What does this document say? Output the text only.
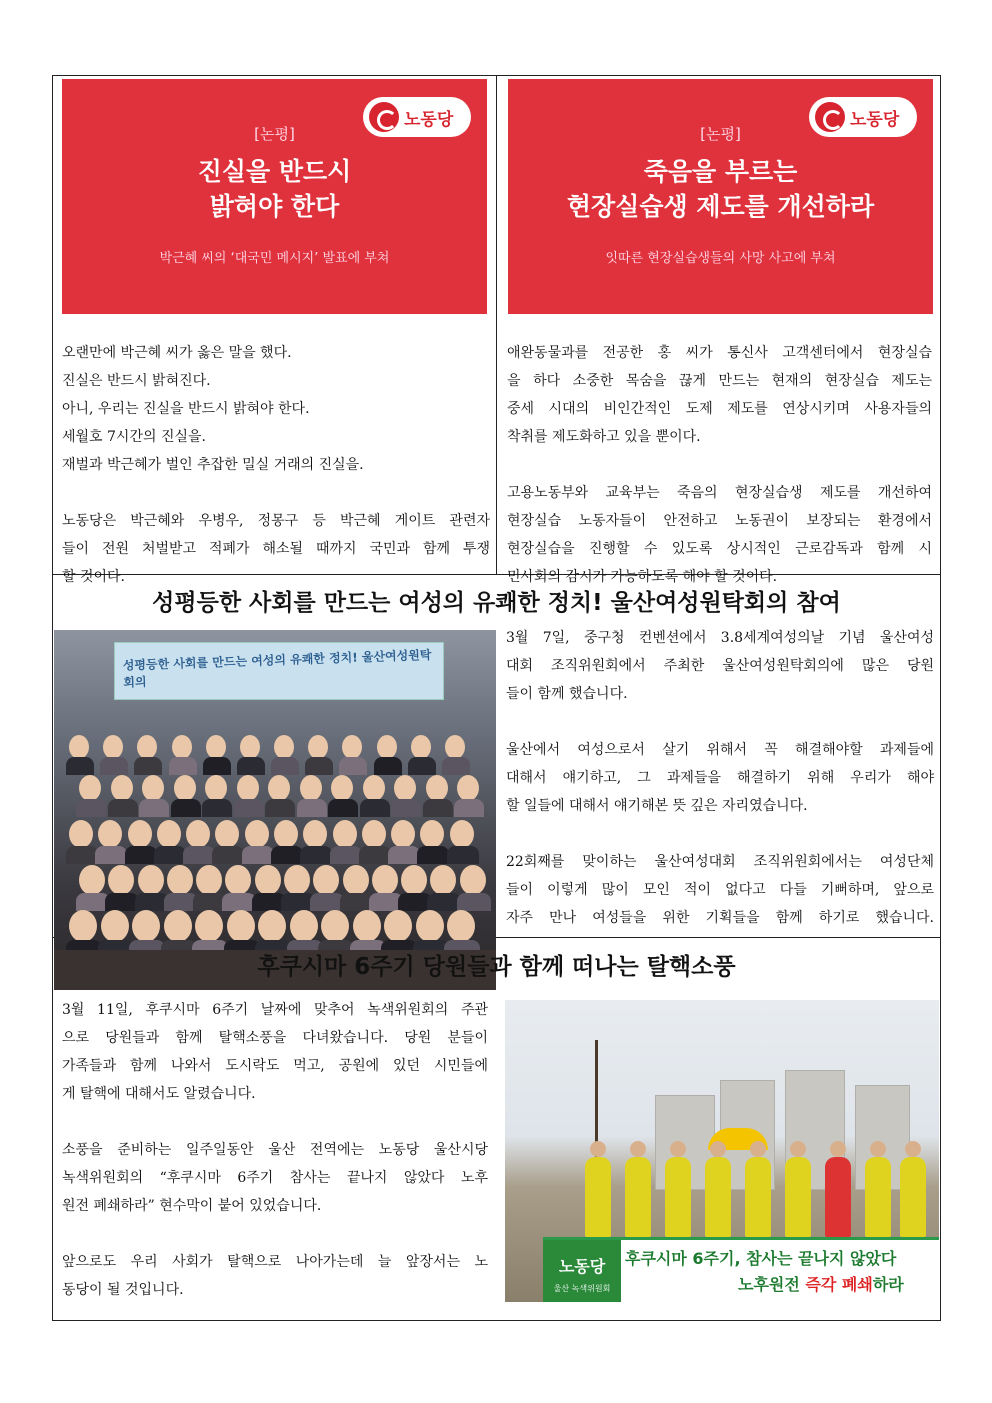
노동당
[논평]
진실을 반드시
밝혀야 한다
박근혜 씨의 ‘대국민 메시지’ 발표에 부쳐
노동당
[논평]
죽음을 부르는
현장실습생 제도를 개선하라
잇따른 현장실습생들의 사망 사고에 부쳐

오랜만에 박근혜 씨가 옳은 말을 했다.

진실은 반드시 밝혀진다.

아니, 우리는 진실을 반드시 밝혀야 한다.

세월호 7시간의 진실을.

재벌과 박근혜가 벌인 추잡한 밀실 거래의 진실을.

노동당은 박근혜와 우병우, 정몽구 등 박근혜 게이트 관련자

들이 전원 처벌받고 적폐가 해소될 때까지 국민과 함께 투쟁

할 것이다.

애완동물과를 전공한 홍 씨가 통신사 고객센터에서 현장실습

을 하다 소중한 목숨을 끊게 만드는 현재의 현장실습 제도는

중세 시대의 비인간적인 도제 제도를 연상시키며 사용자들의

착취를 제도화하고 있을 뿐이다.

고용노동부와 교육부는 죽음의 현장실습생 제도를 개선하여

현장실습 노동자들이 안전하고 노동권이 보장되는 환경에서

현장실습을 진행할 수 있도록 상시적인 근로감독과 함께 시

민사회의 감시가 가능하도록 해야 할 것이다.

성평등한 사회를 만드는 여성의 유쾌한 정치! 울산여성원탁회의 참여
성평등한 사회를 만드는 여성의 유쾌한 정치! 울산여성원탁회의

3월 7일, 중구청 컨벤션에서 3.8세계여성의날 기념 울산여성

대회 조직위원회에서 주최한 울산여성원탁회의에 많은 당원

들이 함께 했습니다.

울산에서 여성으로서 살기 위해서 꼭 해결해야할 과제들에

대해서 얘기하고, 그 과제들을 해결하기 위해 우리가 해야

할 일들에 대해서 얘기해본 뜻 깊은 자리였습니다.

22회째를 맞이하는 울산여성대회 조직위원회에서는 여성단체

들이 이렇게 많이 모인 적이 없다고 다들 기뻐하며, 앞으로

자주 만나 여성들을 위한 기획들을 함께 하기로 했습니다.

후쿠시마 6주기 당원들과 함께 떠나는 탈핵소풍

3월 11일, 후쿠시마 6주기 날짜에 맞추어 녹색위원회의 주관

으로 당원들과 함께 탈핵소풍을 다녀왔습니다. 당원 분들이

가족들과 함께 나와서 도시락도 먹고, 공원에 있던 시민들에

게 탈핵에 대해서도 알렸습니다.

소풍을 준비하는 일주일동안 울산 전역에는 노동당 울산시당

녹색위원회의 “후쿠시마 6주기 참사는 끝나지 않았다 노후

원전 폐쇄하라” 현수막이 붙어 있었습니다.

앞으로도 우리 사회가 탈핵으로 나아가는데 늘 앞장서는 노

동당이 될 것입니다.

노동당
울산 녹색위원회
후쿠시마 6주기, 참사는 끝나지 않았다
노후원전 즉각 폐쇄하라
